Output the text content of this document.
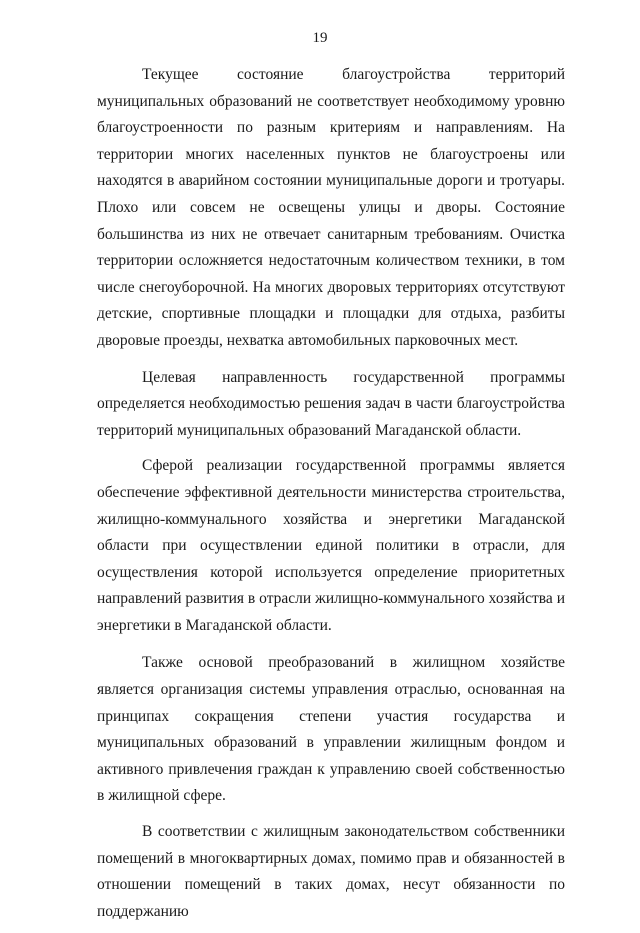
19

Текущее состояние благоустройства территорий муниципальных образований не соответствует необходимому уровню благоустроенности по разным критериям и направлениям. На территории многих населенных пунктов не благоустроены или находятся в аварийном состоянии муниципальные дороги и тротуары. Плохо или совсем не освещены улицы и дворы. Состояние большинства из них не отвечает санитарным требованиям. Очистка территории осложняется недостаточным количеством техники, в том числе снегоуборочной. На многих дворовых территориях отсутствуют детские, спортивные площадки и площадки для отдыха, разбиты дворовые проезды, нехватка автомобильных парковочных мест.

Целевая направленность государственной программы определяется необходимостью решения задач в части благоустройства территорий муниципальных образований Магаданской области.

Сферой реализации государственной программы является обеспечение эффективной деятельности министерства строительства, жилищно-коммунального хозяйства и энергетики Магаданской области при осуществлении единой политики в отрасли, для осуществления которой используется определение приоритетных направлений развития в отрасли жилищно-коммунального хозяйства и энергетики в Магаданской области.

Также основой преобразований в жилищном хозяйстве является организация системы управления отраслью, основанная на принципах сокращения степени участия государства и муниципальных образований в управлении жилищным фондом и активного привлечения граждан к управлению своей собственностью в жилищной сфере.

В соответствии с жилищным законодательством собственники помещений в многоквартирных домах, помимо прав и обязанностей в отношении помещений в таких домах, несут обязанности по поддержанию
